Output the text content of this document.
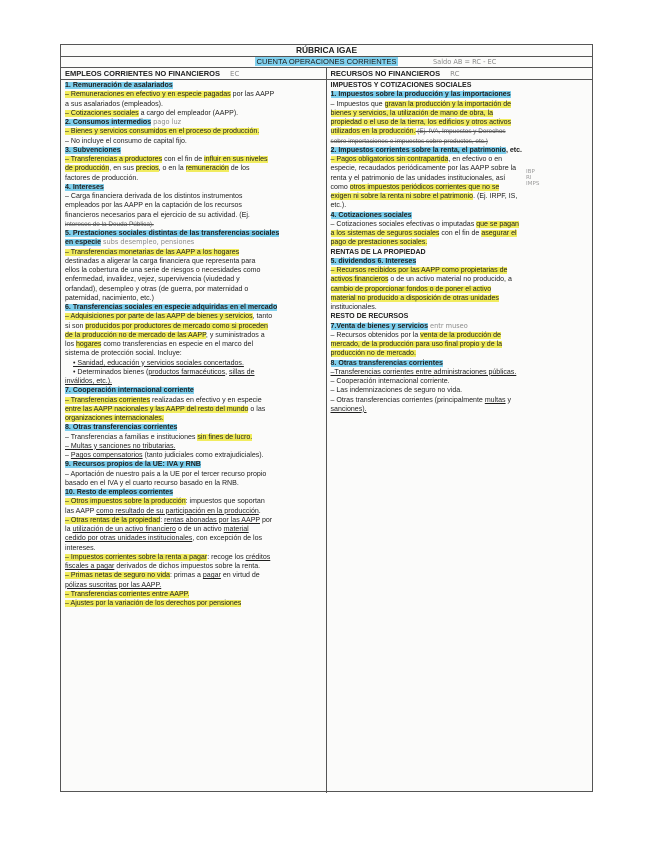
RÚBRICA IGAE
CUENTA OPERACIONES CORRIENTES	Saldo AB = RC - EC
EMPLEOS CORRIENTES NO FINANCIEROS EC
1. Remuneración de asalariados
– Remuneraciones en efectivo y en especie pagadas por las AAPP
a sus asalariados (empleados).
– Cotizaciones sociales a cargo del empleador (AAPP).
2. Consumos intermedios pago luz
– Bienes y servicios consumidos en el proceso de producción.
– No incluye el consumo de capital fijo.
3. Subvenciones
– Transferencias a productores con el fin de influir en sus niveles
de producción, en sus precios, o en la remuneración de los
factores de producción.
4. Intereses
– Carga financiera derivada de los distintos instrumentos
empleados por las AAPP en la captación de los recursos
financieros necesarios para el ejercicio de su actividad. (Ej.
intereses de la Deuda Pública).
5. Prestaciones sociales distintas de las transferencias sociales
en especie subs desempleo, pensiones
– Transferencias monetarias de las AAPP a los hogares
destinadas a aligerar la carga financiera que representa para
ellos la cobertura de una serie de riesgos o necesidades como
enfermedad, invalidez, vejez, supervivencia (viudedad y
orfandad), desempleo y otras (de guerra, por maternidad o
paternidad, nacimiento, etc.)
6. Transferencias sociales en especie adquiridas en el mercado
– Adquisiciones por parte de las AAPP de bienes y servicios, tanto
si son producidos por productores de mercado como si proceden
de la producción no de mercado de las AAPP, y suministrados a
los hogares como transferencias en especie en el marco del
sistema de protección social. Incluye:
• Sanidad, educación y servicios sociales concertados.
• Determinados bienes (productos farmacéuticos, sillas de
inválidos, etc.).
7. Cooperación internacional corriente
– Transferencias corrientes realizadas en efectivo y en especie
entre las AAPP nacionales y las AAPP del resto del mundo o las
organizaciones internacionales.
8. Otras transferencias corrientes
– Transferencias a familias e instituciones sin fines de lucro.
– Multas y sanciones no tributarias.
– Pagos compensatorios (tanto judiciales como extrajudiciales).
9. Recursos propios de la UE: IVA y RNB
– Aportación de nuestro país a la UE por el tercer recurso propio
basado en el IVA y el cuarto recurso basado en la RNB.
10. Resto de empleos corrientes
– Otros impuestos sobre la producción: impuestos que soportan
las AAPP como resultado de su participación en la producción.
– Otras rentas de la propiedad: rentas abonadas por las AAPP por
la utilización de un activo financiero o de un activo material
cedido por otras unidades institucionales, con excepción de los
intereses.
– Impuestos corrientes sobre la renta a pagar: recoge los créditos
fiscales a pagar derivados de dichos impuestos sobre la renta.
– Primas netas de seguro no vida: primas a pagar en virtud de
pólizas suscritas por las AAPP.
– Transferencias corrientes entre AAPP.
– Ajustes por la variación de los derechos por pensiones
RECURSOS NO FINANCIEROS RC
IMPUESTOS Y COTIZACIONES SOCIALES
1. Impuestos sobre la producción y las importaciones
– Impuestos que gravan la producción y la importación de
bienes y servicios, la utilización de mano de obra, la
propiedad o el uso de la tierra, los edificios y otros activos
utilizados en la producción. (Ej. IVA, Impuestos y Derechos
sobre importaciones e impuestos sobre productos, etc.)
2. Impuestos corrientes sobre la renta, el patrimonio, etc.
– Pagos obligatorios sin contrapartida, en efectivo o en
especie, recaudados periódicamente por las AAPP sobre la
renta y el patrimonio de las unidades institucionales, así
como otros impuestos periódicos corrientes que no se
exigen ni sobre la renta ni sobre el patrimonio. (Ej. IRPF, IS,
etc.).
4. Cotizaciones sociales
– Cotizaciones sociales efectivas o imputadas que se pagan
a los sistemas de seguros sociales con el fin de asegurar el
pago de prestaciones sociales.
RENTAS DE LA PROPIEDAD
5. dividendos 6. Intereses
– Recursos recibidos por las AAPP como propietarias de
activos financieros o de un activo material no producido, a
cambio de proporcionar fondos o de poner el activo
material no producido a disposición de otras unidades
institucionales.
RESTO DE RECURSOS
7.Venta de bienes y servicios entr museo
– Recursos obtenidos por la venta de la producción de
mercado, de la producción para uso final propio y de la
producción no de mercado.
8. Otras transferencias corrientes
–Transferencias corrientes entre administraciones públicas.
– Cooperación internacional corriente.
– Las indemnizaciones de seguro no vida.
– Otras transferencias corrientes (principalmente multas y
sanciones).
IBP RI IMPS
